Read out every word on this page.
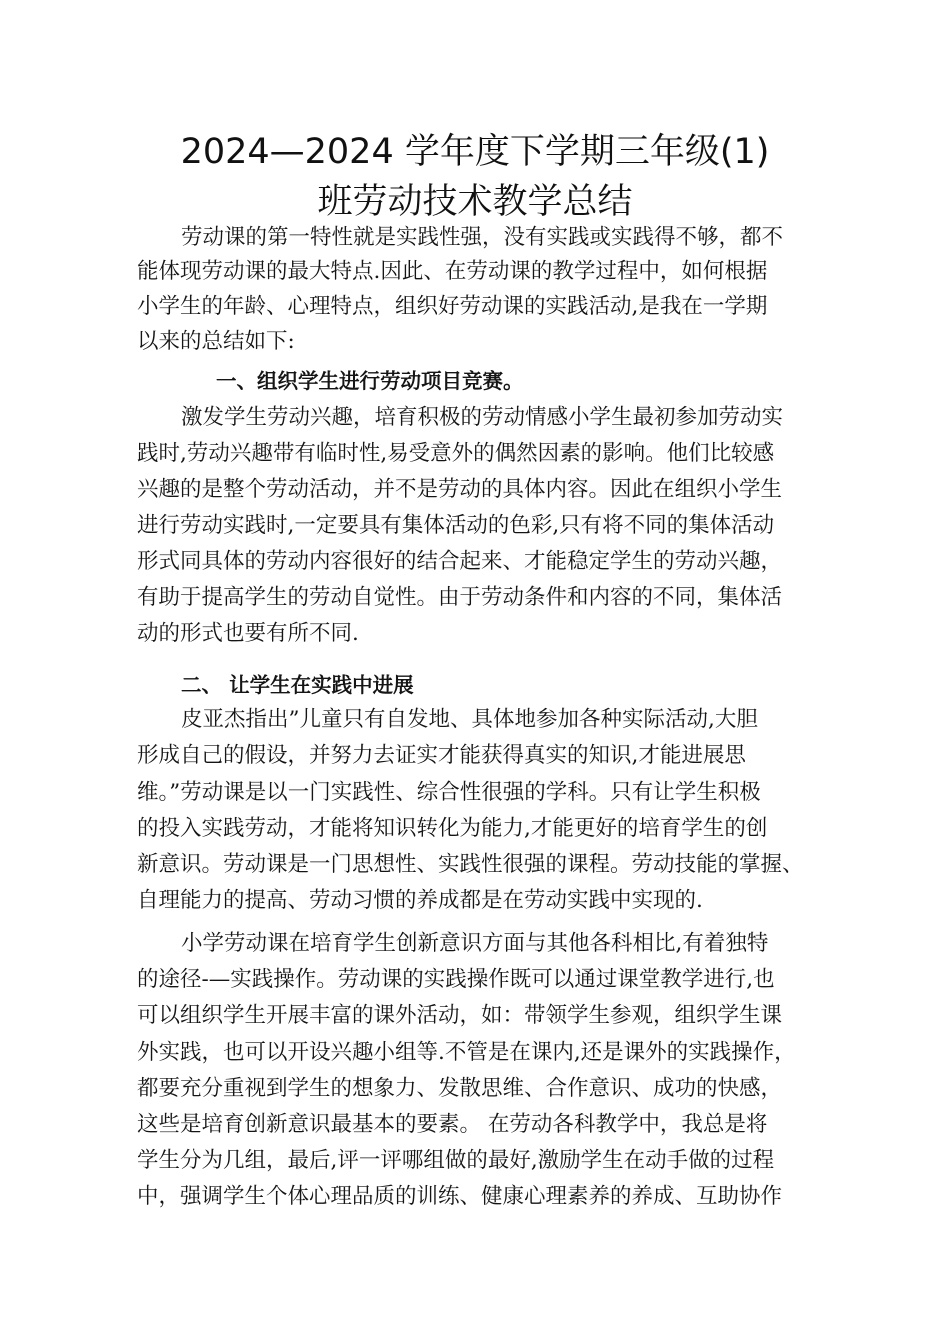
2024—2024 学年度下学期三年级(1)
班劳动技术教学总结
劳动课的第一特性就是实践性强，没有实践或实践得不够，都不
能体现劳动课的最大特点.因此、在劳动课的教学过程中，如何根据
小学生的年龄、心理特点，组织好劳动课的实践活动,是我在一学期
以来的总结如下:
一、组织学生进行劳动项目竞赛。
激发学生劳动兴趣，培育积极的劳动情感小学生最初参加劳动实
践时,劳动兴趣带有临时性,易受意外的偶然因素的影响。他们比较感
兴趣的是整个劳动活动，并不是劳动的具体内容。因此在组织小学生
进行劳动实践时,一定要具有集体活动的色彩,只有将不同的集体活动
形式同具体的劳动内容很好的结合起来、才能稳定学生的劳动兴趣，
有助于提高学生的劳动自觉性。由于劳动条件和内容的不同，集体活
动的形式也要有所不同.
二、 让学生在实践中进展
皮亚杰指出”儿童只有自发地、具体地参加各种实际活动,大胆
形成自己的假设，并努力去证实才能获得真实的知识,才能进展思
维。”劳动课是以一门实践性、综合性很强的学科。只有让学生积极
的投入实践劳动，才能将知识转化为能力,才能更好的培育学生的创
新意识。劳动课是一门思想性、实践性很强的课程。劳动技能的掌握、
自理能力的提高、劳动习惯的养成都是在劳动实践中实现的.
小学劳动课在培育学生创新意识方面与其他各科相比,有着独特
的途径-—实践操作。劳动课的实践操作既可以通过课堂教学进行,也
可以组织学生开展丰富的课外活动，如：带领学生参观，组织学生课
外实践，也可以开设兴趣小组等.不管是在课内,还是课外的实践操作，
都要充分重视到学生的想象力、发散思维、合作意识、成功的快感，
这些是培育创新意识最基本的要素。 在劳动各科教学中，我总是将
学生分为几组，最后,评一评哪组做的最好,激励学生在动手做的过程
中，强调学生个体心理品质的训练、健康心理素养的养成、互助协作
